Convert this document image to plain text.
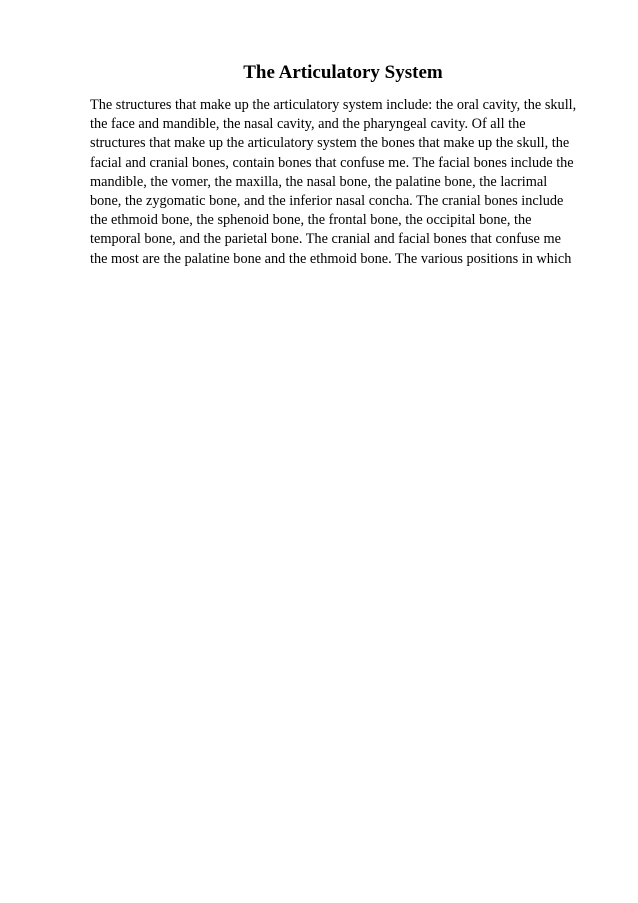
The Articulatory System

The structures that make up the articulatory system include: the oral cavity, the skull,
the face and mandible, the nasal cavity, and the pharyngeal cavity. Of all the
structures that make up the articulatory system the bones that make up the skull, the
facial and cranial bones, contain bones that confuse me. The facial bones include the
mandible, the vomer, the maxilla, the nasal bone, the palatine bone, the lacrimal
bone, the zygomatic bone, and the inferior nasal concha. The cranial bones include
the ethmoid bone, the sphenoid bone, the frontal bone, the occipital bone, the
temporal bone, and the parietal bone. The cranial and facial bones that confuse me
the most are the palatine bone and the ethmoid bone. The various positions in which
